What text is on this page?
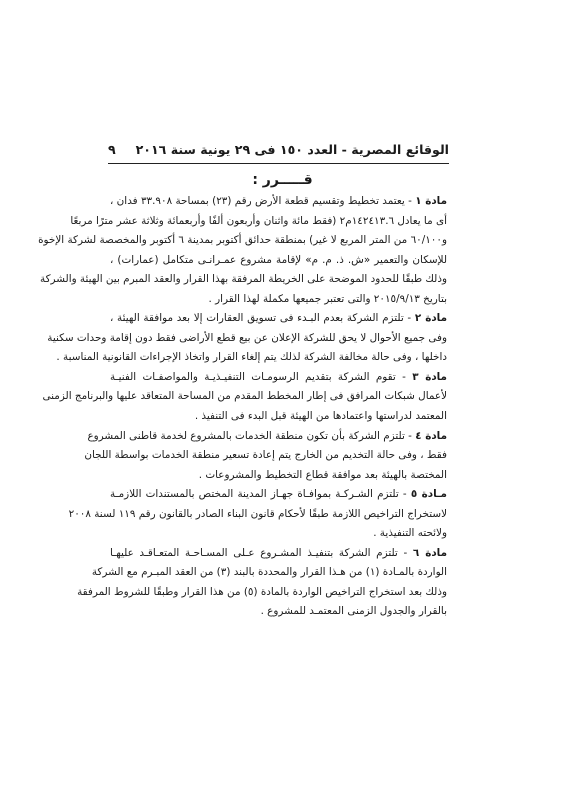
الوقائع المصرية - العدد ١٥٠ فى ٢٩ يونية سنة ٢٠١٦
٩
قـــــرر :
مادة ١ - يعتمد تخطيط وتقسيم قطعة الأرض رقم (٢٣) بمساحة ٣٣.٩٠٨ فدان ،
أى ما يعادل ١٤٢٤١٣.٦م٢ (فقط مائة واثنان وأربعون ألفًا وأربعمائة وثلاثة عشر مترًا مربعًا
و٦٠/١٠٠ من المتر المربع لا غير) بمنطقة حدائق أكتوبر بمدينة ٦ أكتوبر والمخصصة لشركة الإخوة
للإسكان والتعمير «ش. ذ. م. م» لإقامة مشروع عمـرانـى متكامل (عمارات) ،
وذلك طبقًا للحدود الموضحة على الخريطة المرفقة بهذا القرار والعقد المبرم بين الهيئة والشركة
بتاريخ ٢٠١٥/٩/١٣ والتى تعتبر جميعها مكملة لهذا القرار .
مادة ٢ - تلتزم الشركة بعدم البـدء فى تسويق العقارات إلا بعد موافقة الهيئة ،
وفى جميع الأحوال لا يحق للشركة الإعلان عن بيع قطع الأراضى فقط دون إقامة وحدات سكنية
داخلها ، وفى حالة مخالفة الشركة لذلك يتم إلغاء القرار واتخاذ الإجراءات القانونية المناسبة .
مادة ٣ - تقوم الشركة بتقديم الرسومـات التنفيـذيـة والمواصفـات الفنيـة
لأعمال شبكات المرافق فى إطار المخطط المقدم من المساحة المتعاقد عليها والبرنامج الزمنى
المعتمد لدراستها واعتمادها من الهيئة قبل البدء فى التنفيذ .
مادة ٤ - تلتزم الشركة بأن تكون منطقة الخدمات بالمشروع لخدمة قاطنى المشروع
فقط ، وفى حالة التخديم من الخارج يتم إعادة تسعير منطقة الخدمات بواسطة اللجان
المختصة بالهيئة بعد موافقة قطاع التخطيط والمشروعات .
مـادة ٥ - تلتزم الشـركـة بموافـاة جهـاز المدينة المختص بالمستندات اللازمـة
لاستخراج التراخيص اللازمة طبقًا لأحكام قانون البناء الصادر بالقانون رقم ١١٩ لسنة ٢٠٠٨
ولائحته التنفيذية .
مادة ٦ - تلتزم الشركة بتنفيـذ المشـروع عـلى المسـاحـة المتعـاقـد عليهـا
الواردة بالمـادة (١) من هـذا القرار والمحددة بالبند (٣) من العقد المبـرم مع الشركة
وذلك بعد استخراج التراخيص الواردة بالمادة (٥) من هذا القرار وطبقًا للشروط المرفقة
بالقرار والجدول الزمنى المعتمـد للمشروع .
